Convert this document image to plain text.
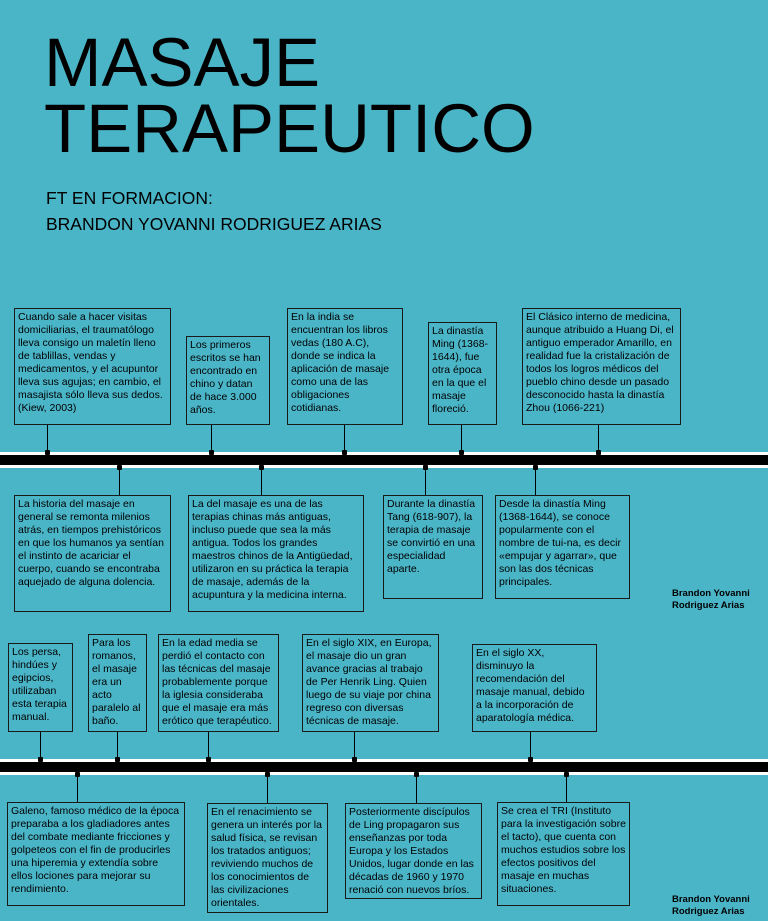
MASAJE
TERAPEUTICO
FT EN FORMACION:
BRANDON YOVANNI RODRIGUEZ ARIAS
Cuando sale a hacer visitas domiciliarias, el traumatólogo lleva consigo un maletín lleno de tablillas, vendas y medicamentos, y el acupuntor lleva sus agujas; en cambio, el masajista sólo lleva sus dedos. (Kiew, 2003)
Los primeros escritos se han encontrado en chino y datan de hace 3.000 años.
En la india se encuentran los libros vedas (180 A.C), donde se indica la aplicación de masaje como una de las obligaciones cotidianas.
La dinastía Ming (1368-1644), fue otra época en la que el masaje floreció.
El Clásico interno de medicina, aunque atribuido a Huang Di, el antiguo emperador Amarillo, en realidad fue la cristalización de todos los logros médicos del pueblo chino desde un pasado desconocido hasta la dinastía Zhou (1066-221)
La historia del masaje en general se remonta milenios atrás, en tiempos prehistóricos en que los humanos ya sentían el instinto de acariciar el cuerpo, cuando se encontraba aquejado de alguna dolencia.
La del masaje es una de las terapias chinas más antiguas, incluso puede que sea la más antigua. Todos los grandes maestros chinos de la Antigüedad, utilizaron en su práctica la terapia de masaje, además de la acupuntura y la medicina interna.
Durante la dinastía Tang (618-907), la terapia de masaje se convirtió en una especialidad aparte.
Desde la dinastía Ming (1368-1644), se conoce popularmente con el nombre de tui-na, es decir «empujar y agarrar», que son las dos técnicas principales.
Brandon Yovanni Rodriguez Arias
Los persa, hindúes y egipcios, utilizaban esta terapia manual.
Para los romanos, el masaje era un acto paralelo al baño.
En la edad media se perdió el contacto con las técnicas del masaje probablemente porque la iglesia consideraba que el masaje era más erótico que terapéutico.
En el siglo XIX, en Europa, el masaje dio un gran avance gracias al trabajo de Per Henrik Ling. Quien luego de su viaje por china regreso con diversas técnicas de masaje.
En el siglo XX, disminuyo la recomendación del masaje manual, debido a la incorporación de aparatología médica.
Galeno, famoso médico de la época preparaba a los gladiadores antes del combate mediante fricciones y golpeteos con el fin de producirles una hiperemia y extendía sobre ellos lociones para mejorar su rendimiento.
En el renacimiento se genera un interés por la salud física, se revisan los tratados antiguos; reviviendo muchos de los conocimientos de las civilizaciones orientales.
Posteriormente discípulos de Ling propagaron sus enseñanzas por toda Europa y los Estados Unidos, lugar donde en las décadas de 1960 y 1970 renació con nuevos bríos.
Se crea el TRI (Instituto para la investigación sobre el tacto), que cuenta con muchos estudios sobre los efectos positivos del masaje en muchas situaciones.
Brandon Yovanni Rodriguez Arias
